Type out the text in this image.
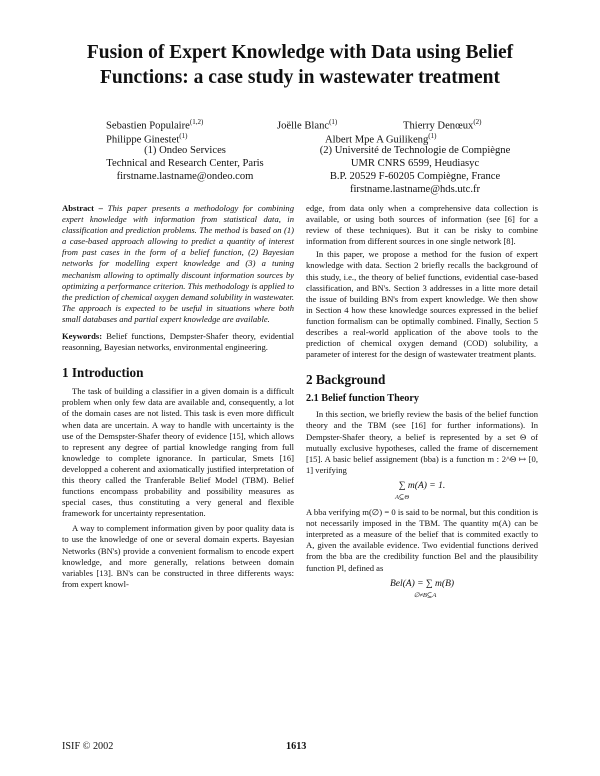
Fusion of Expert Knowledge with Data using Belief
Functions: a case study in wastewater treatment
Sebastien Populaire$^{(1,2)}$	Joëlle Blanc$^{(1)}$	Thierry Denœux$^{(2)}$
Philippe Ginestet$^{(1)}$	Albert Mpe A Guilikeng$^{(1)}$
(1) Ondeo Services
Technical and Research Center, Paris
firstname.lastname@ondeo.com
(2) Université de Technologie de Compiègne
UMR CNRS 6599, Heudiasyc
B.P. 20529 F-60205 Compiègne, France
firstname.lastname@hds.utc.fr

Abstract – This paper presents a methodology for combining expert knowledge with information from statistical data, in classification and prediction problems. The method is based on (1) a case-based approach allowing to predict a quantity of interest from past cases in the form of a belief function, (2) Bayesian networks for modelling expert knowledge and (3) a tuning mechanism allowing to optimally discount information sources by optimizing a performance criterion. This methodology is applied to the prediction of chemical oxygen demand solubility in wastewater. The approach is expected to be useful in situations where both small databases and partial expert knowledge are available.

Keywords: Belief functions, Dempster-Shafer theory, evidential reasonning, Bayesian networks, environmental engineering.

1 Introduction

The task of building a classifier in a given domain is a difficult problem when only few data are available and, consequently, a lot of the domain cases are not listed. This task is even more difficult when data are uncertain. A way to handle with uncertainty is the use of the Demspster-Shafer theory of evidence [15], which allows to represent any degree of partial knowledge ranging from full knowledge to complete ignorance. In particular, Smets [16] developped a coherent and axiomatically justified interpretation of this theory called the Tranferable Belief Model (TBM). Belief functions encompass probability and possibility measures as special cases, thus constituting a very general and flexible framework for uncertainty representation.

A way to complement information given by poor quality data is to use the knowledge of one or several domain experts. Bayesian Networks (BN's) provide a convenient formalism to encode expert knowledge, and more generally, relations between domain variables [13]. BN's can be constructed in three differents ways: from expert knowl-

edge, from data only when a comprehensive data collection is available, or using both sources of information (see [6] for a review of these techniques). But it can be risky to combine information from different sources in one single network [8].

In this paper, we propose a method for the fusion of expert knowledge with data. Section 2 briefly recalls the background of this study, i.e., the theory of belief functions, evidential case-based classification, and BN's. Section 3 addresses in a litte more detail the issue of building BN's from expert knowledge. We then show in Section 4 how these knowledge sources expressed in the belief function formalism can be optimally combined. Finally, Section 5 describes a real-world application of the above tools to the prediction of chemical oxygen demand (COD) solubility, a parameter of interest for the design of wastewater treatment plants.

2 Background

2.1 Belief function Theory

In this section, we briefly review the basis of the belief function theory and the TBM (see [16] for further informations). In Dempster-Shafer theory, a belief is represented by a set Θ of mutually exclusive hypotheses, called the frame of discernement [15]. A basic belief assignement (bba) is a function m : 2^Θ ↦ [0, 1] verifying

∑ m(A) = 1.
A⊆Θ

A bba verifying m(∅) = 0 is said to be normal, but this condition is not necessarily imposed in the TBM. The quantity m(A) can be interpreted as a measure of the belief that is commited exactly to A, given the available evidence. Two evidential functions derived from the bba are the credibility function Bel and the plausibility function Pl, defined as

Bel(A) = ∑ m(B)
∅≠B⊆A
ISIF © 2002	1613
